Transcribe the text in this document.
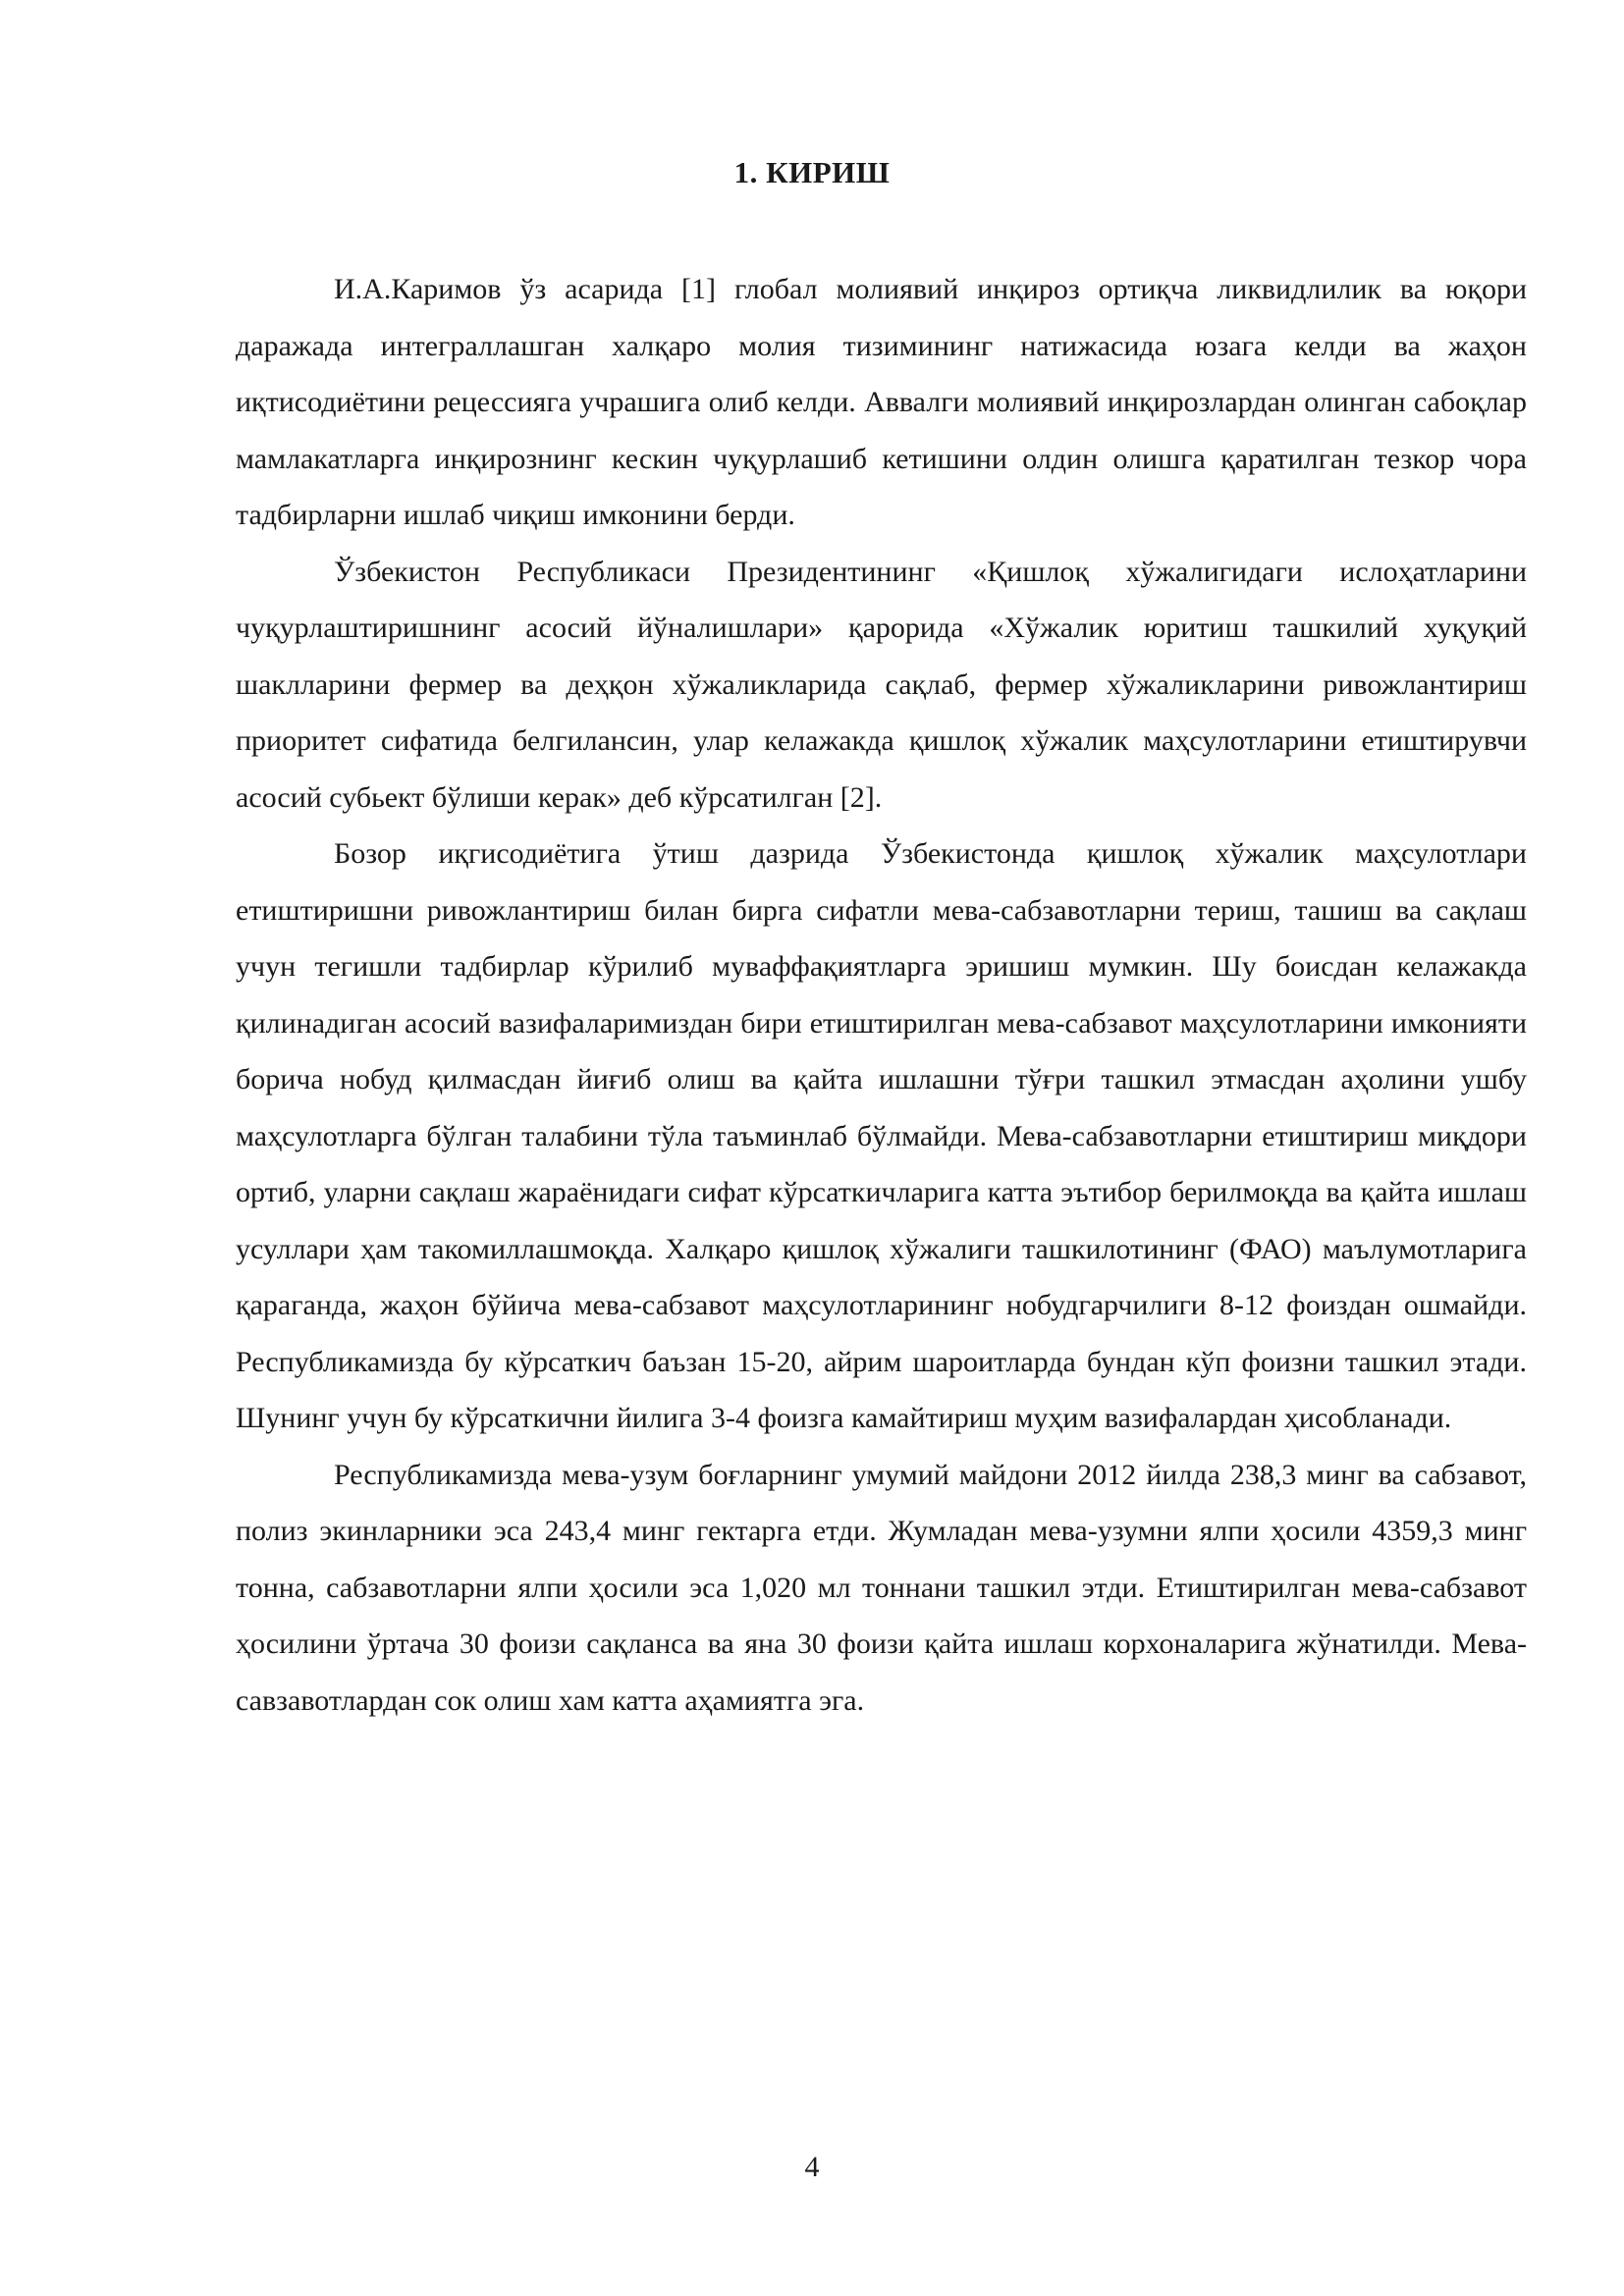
1. КИРИШ

И.А.Каримов ўз асарида [1] глобал молиявий инқироз ортиқча ликвидлилик ва юқори даражада интеграллашган халқаро молия тизимининг натижасида юзага келди ва жаҳон иқтисодиётини рецессияга учрашига олиб келди. Аввалги молиявий инқирозлардан олинган сабоқлар мамлакатларга инқирознинг кескин чуқурлашиб кетишини олдин олишга қаратилган тезкор чора тадбирларни ишлаб чиқиш имконини берди.

Ўзбекистон Республикаси Президентининг «Қишлоқ хўжалигидаги ислоҳатларини чуқурлаштиришнинг асосий йўналишлари» қарорида «Хўжалик юритиш ташкилий хуқуқий шаклларини фермер ва деҳқон хўжаликларида сақлаб, фермер хўжаликларини ривожлантириш приоритет сифатида белгилансин, улар келажакда қишлоқ хўжалик маҳсулотларини етиштирувчи асосий субьект бўлиши керак» деб кўрсатилган [2].

Бозор иқгисодиётига ўтиш дазрида Ўзбекистонда қишлоқ хўжалик маҳсулотлари етиштиришни ривожлантириш билан бирга сифатли мева-сабзавотларни териш, ташиш ва сақлаш учун тегишли тадбирлар кўрилиб муваффақиятларга эришиш мумкин. Шу боисдан келажакда қилинадиган асосий вазифаларимиздан бири етиштирилган мева-сабзавот маҳсулотларини имконияти борича нобуд қилмасдан йиғиб олиш ва қайта ишлашни тўғри ташкил этмасдан аҳолини ушбу маҳсулотларга бўлган талабини тўла таъминлаб бўлмайди. Мева-сабзавотларни етиштириш миқдори ортиб, уларни сақлаш жараёнидаги сифат кўрсаткичларига катта эътибор берилмоқда ва қайта ишлаш усуллари ҳам такомиллашмоқда. Халқаро қишлоқ хўжалиги ташкилотининг (ФАО) маълумотларига қараганда, жаҳон бўйича мева-сабзавот маҳсулотларининг нобудгарчилиги 8-12 фоиздан ошмайди. Республикамизда бу кўрсаткич баъзан 15-20, айрим шароитларда бундан кўп фоизни ташкил этади. Шунинг учун бу кўрсаткични йилига 3-4 фоизга камайтириш муҳим вазифалардан ҳисобланади.

Республикамизда мева-узум боғларнинг умумий майдони 2012 йилда 238,3 минг ва сабзавот, полиз экинларники эса 243,4 минг гектарга етди. Жумладан мева-узумни ялпи ҳосили 4359,3 минг тонна, сабзавотларни ялпи ҳосили эса 1,020 мл тоннани ташкил этди. Етиштирилган мева-сабзавот ҳосилини ўртача 30 фоизи сақланса ва яна 30 фоизи қайта ишлаш корхоналарига жўнатилди. Мева-савзавотлардан сок олиш хам катта аҳамиятга эга.

4
